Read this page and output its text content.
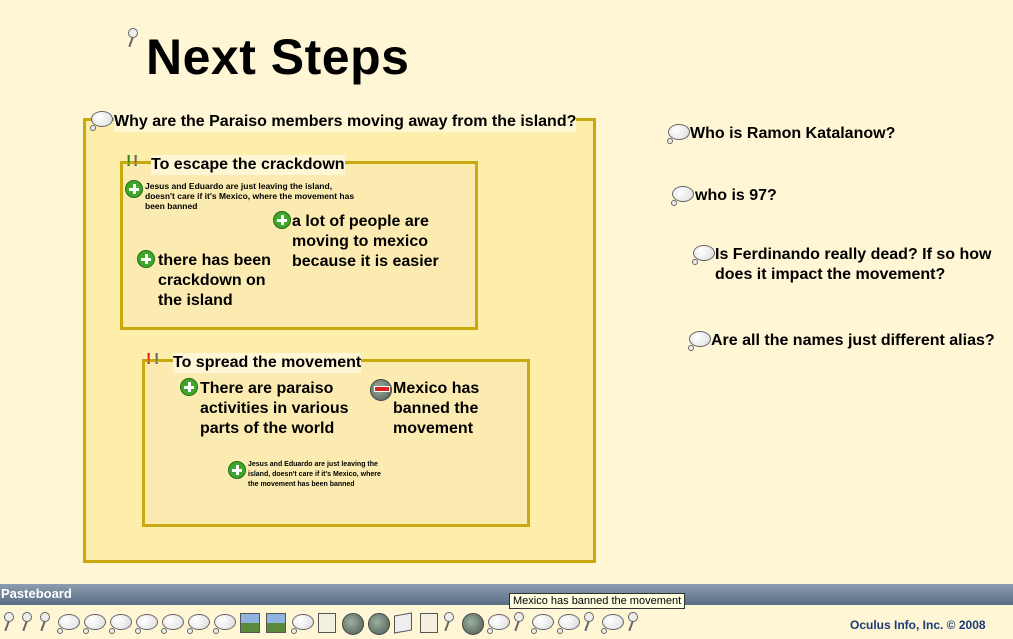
Next Steps
Why are the Paraiso members moving away from the island?
! ! To escape the crackdown
Jesus and Eduardo are just leaving the island, doesn't care if it's Mexico, where the movement has been banned
a lot of people are moving to mexico because it is easier
there has been crackdown on the island
! ! To spread the movement
There are paraiso activities in various parts of the world
Mexico has banned the movement
Jesus and Eduardo are just leaving the island, doesn't care if it's Mexico, where the movement has been banned
Who is Ramon Katalanow?
who is 97?
Is Ferdinando really dead? If so how does it impact the movement?
Are all the names just different alias?
Pasteboard	Mexico has banned the movement
Oculus Info, Inc. © 2008
